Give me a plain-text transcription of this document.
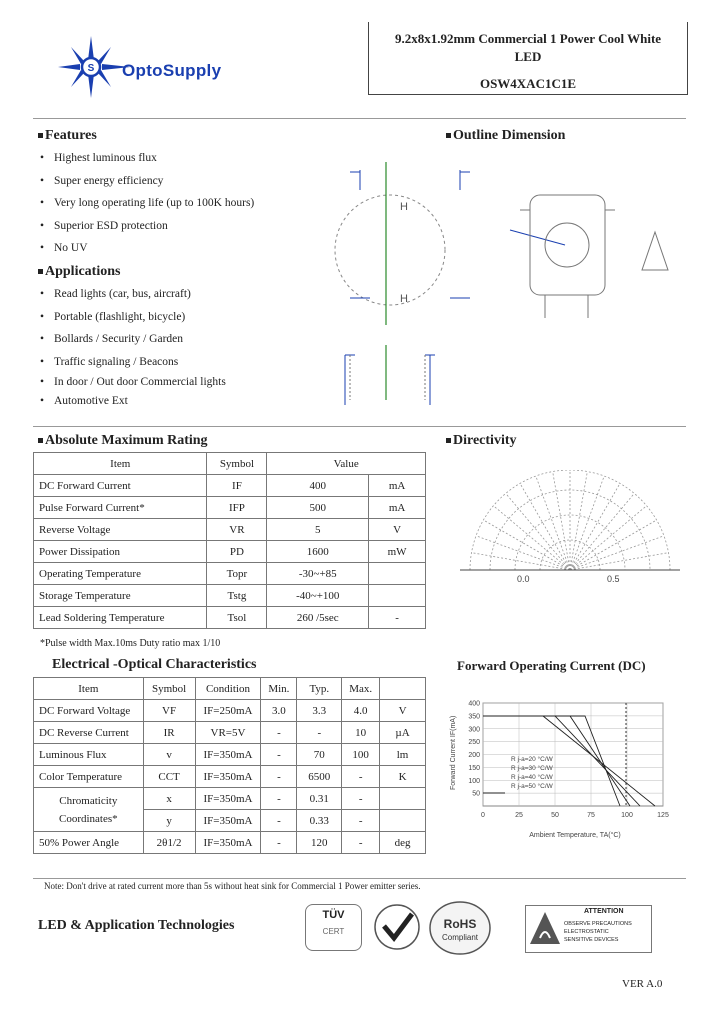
S OptoSupply
9.2x8x1.92mm Commercial 1 Power Cool White
LED
OSW4XAC1C1E
Features
• Highest luminous flux
• Super energy efficiency
• Very long operating life (up to 100K hours)
• Superior ESD protection
• No UV
Applications
• Read lights (car, bus, aircraft)
• Portable (flashlight, bicycle)
• Bollards / Security / Garden
• Traffic signaling / Beacons
• In door / Out door Commercial lights
• Automotive Ext
Outline Dimension
H
H
Absolute Maximum Rating
Item	Symbol	Value	
DC Forward Current	IF	400	mA
Pulse Forward Current*	IFP	500	mA
Reverse Voltage	VR	5	V
Power Dissipation	PD	1600	mW
Operating Temperature	Topr	-30~+85	
Storage Temperature	Tstg	-40~+100	
Lead Soldering Temperature	Tsol	260 /5sec	-
*Pulse width Max.10ms Duty ratio max 1/10
Directivity
0.0	0.5
Electrical -Optical Characteristics
Item	Symbol	Condition	Min.	Typ.	Max.	
DC Forward Voltage	VF	IF=250mA	3.0	3.3	4.0	V
DC Reverse Current	IR	VR=5V	-	-	10	µA
Luminous Flux	v	IF=350mA	-	70	100	lm
Color Temperature	CCT	IF=350mA	-	6500	-	K

Chromaticity
Coordinates*	x	IF=350mA	-	0.31	-	
	y	IF=350mA	-	0.33	-	
50% Power Angle	2θ1/2	IF=350mA	-	120	-	deg
Forward Operating Current (DC)
Forward Current IF(mA)
400
350
300
250
200
150
100
50
0	25	50	75	100	125
R j-a=20 °C/W
R j-a=30 °C/W
R j-a=40 °C/W
R j-a=50 °C/W
Ambient Temperature, TA(°C)
Note: Don't drive at rated current more than 5s without heat sink for Commercial 1 Power emitter series.
LED & Application Technologies
TÜV
CERT
RoHS
Compliant
ATTENTION
OBSERVE PRECAUTIONS
ELECTROSTATIC
SENSITIVE DEVICES
VER A.0
